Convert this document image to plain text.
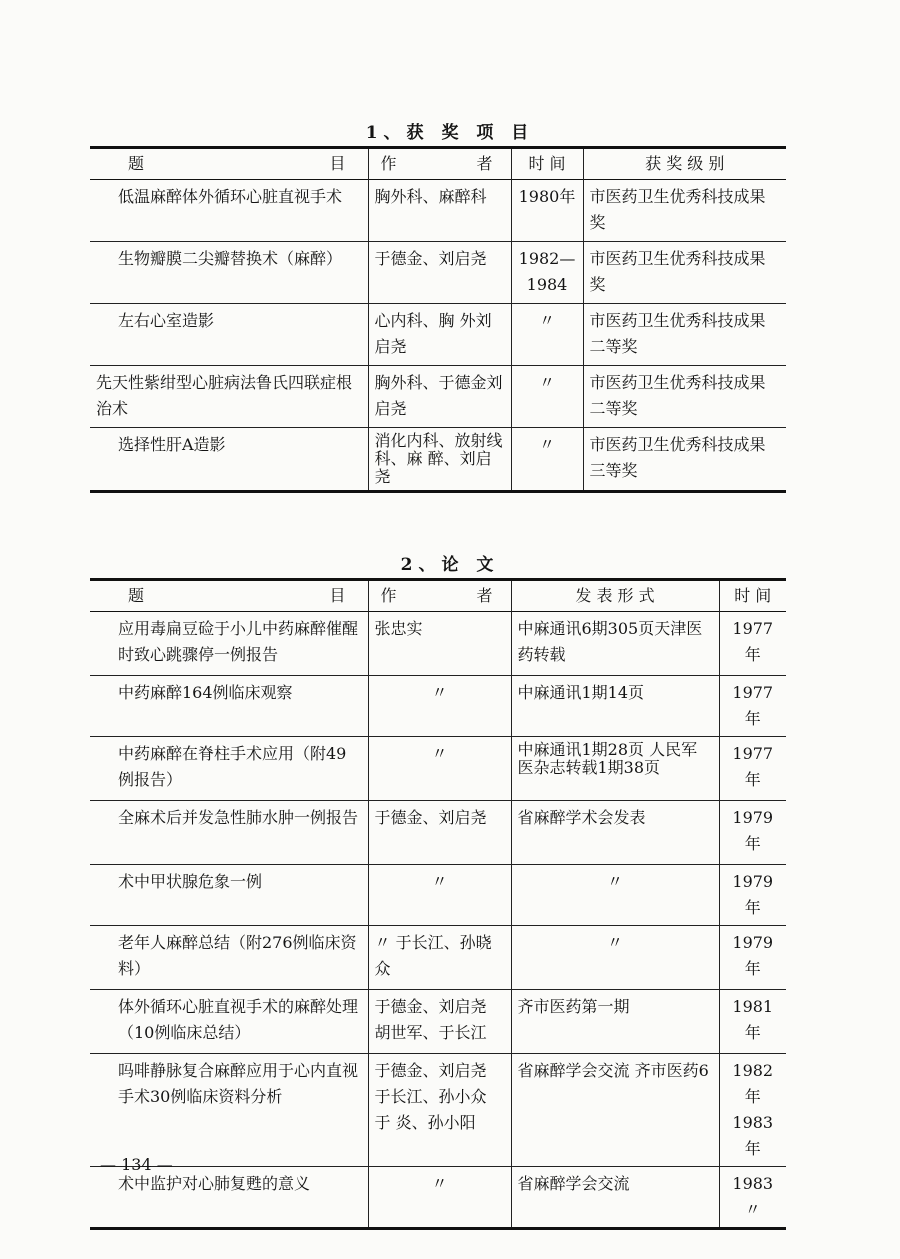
1、获 奖 项 目
题 目	作 者	时 间	获 奖 级 别
低温麻醉体外循环心脏直视手术	胸外科、麻醉科	1980年	市医药卫生优秀科技成果奖
生物瓣膜二尖瓣替换术（麻醉）	于德金、刘启尧	1982—1984	市医药卫生优秀科技成果奖
左右心室造影	心内科、胸 外刘启尧	〃	市医药卫生优秀科技成果二等奖
先天性紫绀型心脏病法鲁氏四联症根治术	胸外科、于德金刘启尧	〃	市医药卫生优秀科技成果二等奖
选择性肝A造影	消化内科、放射线 科、麻 醉、刘启尧	〃	市医药卫生优秀科技成果三等奖
2、论 文
题 目	作 者	发 表 形 式	时 间
应用毒扁豆硷于小儿中药麻醉催醒时致心跳骤停一例报告	张忠实	中麻通讯6期305页天津医药转载	1977年
中药麻醉164例临床观察	〃	中麻通讯1期14页	1977年
中药麻醉在脊柱手术应用（附49例报告）	〃	中麻通讯1期28页 人民军医杂志转载1期38页	1977年
全麻术后并发急性肺水肿一例报告	于德金、刘启尧	省麻醉学术会发表	1979年
术中甲状腺危象一例	〃	〃	1979年
老年人麻醉总结（附276例临床资料）	〃 于长江、孙晓众	〃	1979年
体外循环心脏直视手术的麻醉处理（10例临床总结）	于德金、刘启尧 胡世军、于长江	齐市医药第一期	1981年
吗啡静脉复合麻醉应用于心内直视手术30例临床资料分析	于德金、刘启尧 于长江、孙小众 于 炎、孙小阳	省麻醉学会交流 齐市医药6	1982年 1983年
术中监护对心肺复甦的意义	〃	省麻醉学会交流	1983〃
— 134 —
